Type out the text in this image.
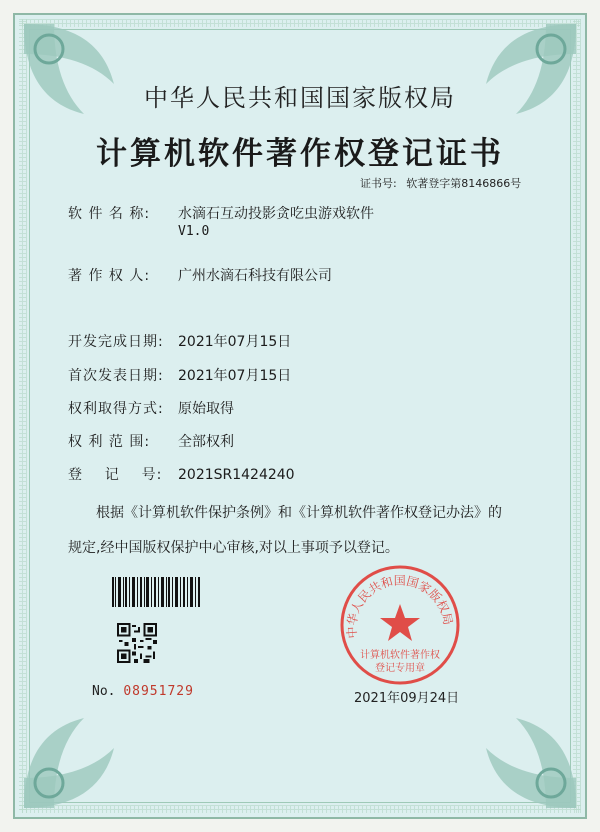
中华人民共和国国家版权局
计算机软件著作权登记证书
证书号: 软著登字第8146866号
软 件 名 称: 水滴石互动投影贪吃虫游戏软件
V1.0
著 作 权 人: 广州水滴石科技有限公司
开发完成日期: 2021年07月15日
首次发表日期: 2021年07月15日
权利取得方式: 原始取得
权 利 范 围: 全部权利
登    记    号: 2021SR1424240
根据《计算机软件保护条例》和《计算机软件著作权登记办法》的
规定,经中国版权保护中心审核,对以上事项予以登记。
No. 08951729
中华人民共和国国家版权局
计算机软件著作权
登记专用章
2021年09月24日
